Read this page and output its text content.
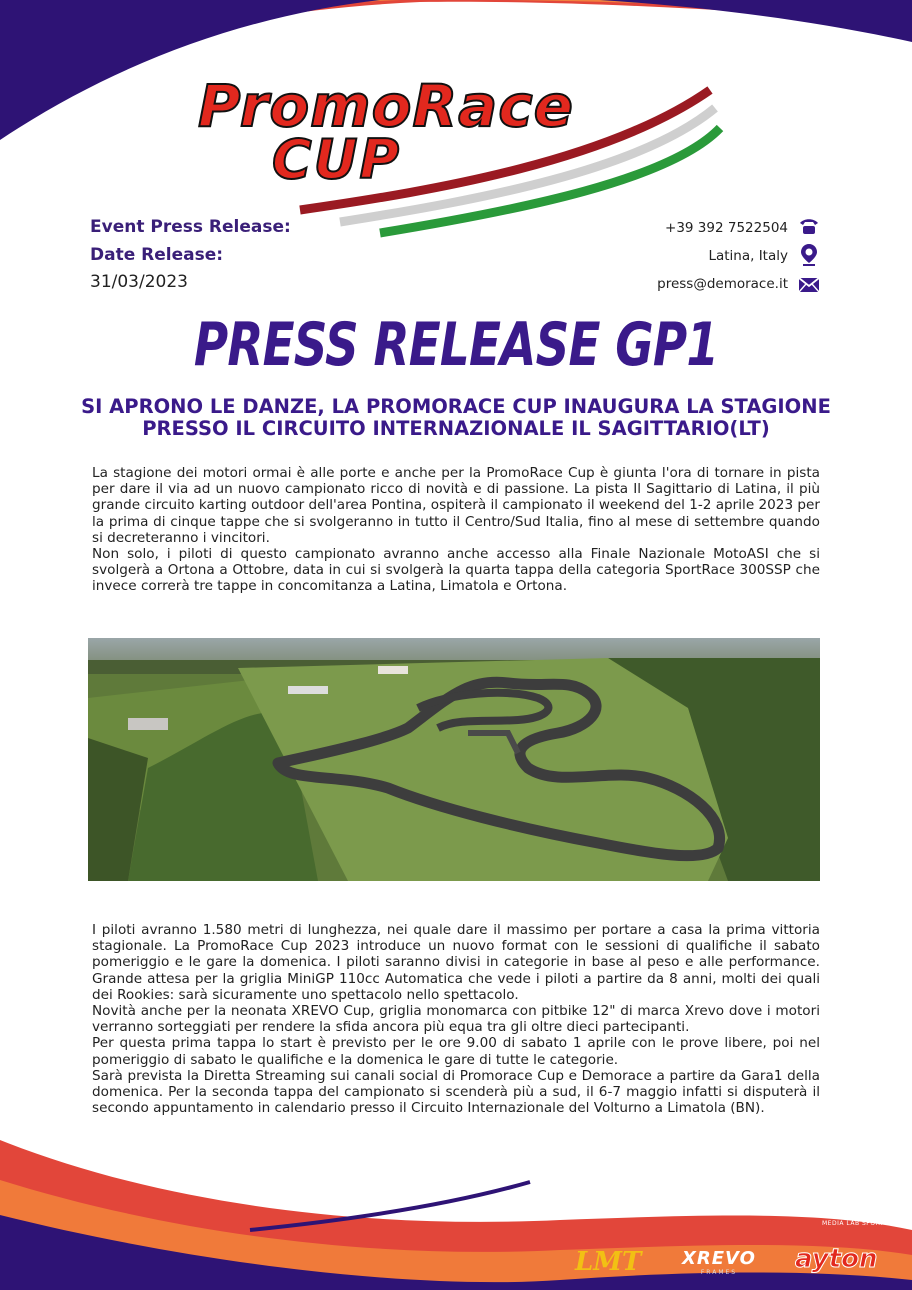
PromoRace
CUP
Event Press Release:
Date Release:
31/03/2023
+39 392 7522504
Latina, Italy
press@demorace.it
PRESS RELEASE GP1
SI APRONO LE DANZE, LA PROMORACE CUP INAUGURA LA STAGIONE
PRESSO IL CIRCUITO INTERNAZIONALE IL SAGITTARIO(LT)

La stagione dei motori ormai è alle porte e anche per la PromoRace Cup è giunta l'ora di tornare in pista per dare il via ad un nuovo campionato ricco di novità e di passione. La pista Il Sagittario di Latina, il più grande circuito karting outdoor dell'area Pontina, ospiterà il campionato il weekend del 1-2 aprile 2023 per la prima di cinque tappe che si svolgeranno in tutto il Centro/Sud Italia, fino al mese di settembre quando si decreteranno i vincitori.

Non solo, i piloti di questo campionato avranno anche accesso alla Finale Nazionale MotoASI che si svolgerà a Ortona a Ottobre, data in cui si svolgerà la quarta tappa della categoria SportRace 300SSP che invece correrà tre tappe in concomitanza a Latina, Limatola e Ortona.

I piloti avranno 1.580 metri di lunghezza, nei quale dare il massimo per portare a casa la prima vittoria stagionale. La PromoRace Cup 2023 introduce un nuovo format con le sessioni di qualifiche il sabato pomeriggio e le gare la domenica. I piloti saranno divisi in categorie in base al peso e alle performance. Grande attesa per la griglia MiniGP 110cc Automatica che vede i piloti a partire da 8 anni, molti dei quali dei Rookies: sarà sicuramente uno spettacolo nello spettacolo.

Novità anche per la neonata XREVO Cup, griglia monomarca con pitbike 12" di marca Xrevo dove i motori verranno sorteggiati per rendere la sfida ancora più equa tra gli oltre dieci partecipanti.

Per questa prima tappa lo start è previsto per le ore 9.00 di sabato 1 aprile con le prove libere, poi nel pomeriggio di sabato le qualifiche e la domenica le gare di tutte le categorie.

Sarà prevista la Diretta Streaming sui canali social di Promorace Cup e Demorace a partire da Gara1 della domenica. Per la seconda tappa del campionato si scenderà più a sud, il 6-7 maggio infatti si disputerà il secondo appuntamento in calendario presso il Circuito Internazionale del Volturno a Limatola (BN).

MS
MEDIA LAB SPORT
LMT XREVO
FRAMES	ayton
